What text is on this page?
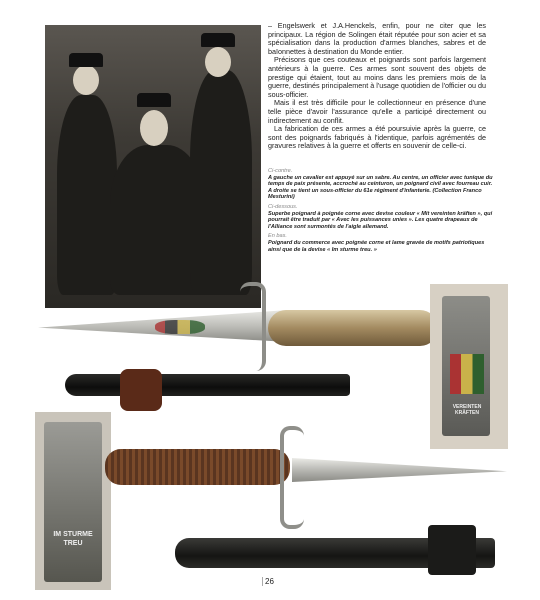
– Engelswerk et J.A.Henckels, enfin, pour ne citer que les principaux. La région de Solingen était réputée pour son acier et sa spécialisation dans la production d'armes blanches, sabres et de baïonnettes à destination du Monde entier.

Précisons que ces couteaux et poignards sont parfois largement antérieurs à la guerre. Ces armes sont souvent des objets de prestige qui étaient, tout au moins dans les premiers mois de la guerre, destinés principalement à l'usage quotidien de l'officier ou du sous-officier.

Mais il est très difficile pour le collectionneur en présence d'une telle pièce d'avoir l'assurance qu'elle a participé directement ou indirectement au conflit.

La fabrication de ces armes a été poursuivie après la guerre, ce sont des poignards fabriqués à l'identique, parfois agrémentés de gravures relatives à la guerre et offerts en souvenir de celle-ci.

Ci-contre.
A gauche un cavalier est appuyé sur un sabre. Au centre, un officier avec tunique du temps de paix présente, accroché au ceinturon, un poignard civil avec fourreau cuir. A droite se tient un sous-officier du 61e régiment d'infanterie. (Collection Franco Mesturini)
Ci-dessous.
Superbe poignard à poignée corne avec devise couleur « Mit vereinten kräften », qui pourrait être traduit par « Avec les puissances unies ». Les quatre drapeaux de l'Alliance sont surmontés de l'aigle allemand.
En bas.
Poignard du commerce avec poignée corne et lame gravée de motifs patriotiques ainsi que de la devise « Im sturme treu. »
VEREINTEN KRÄFTEN
IM STURME TREU
26
